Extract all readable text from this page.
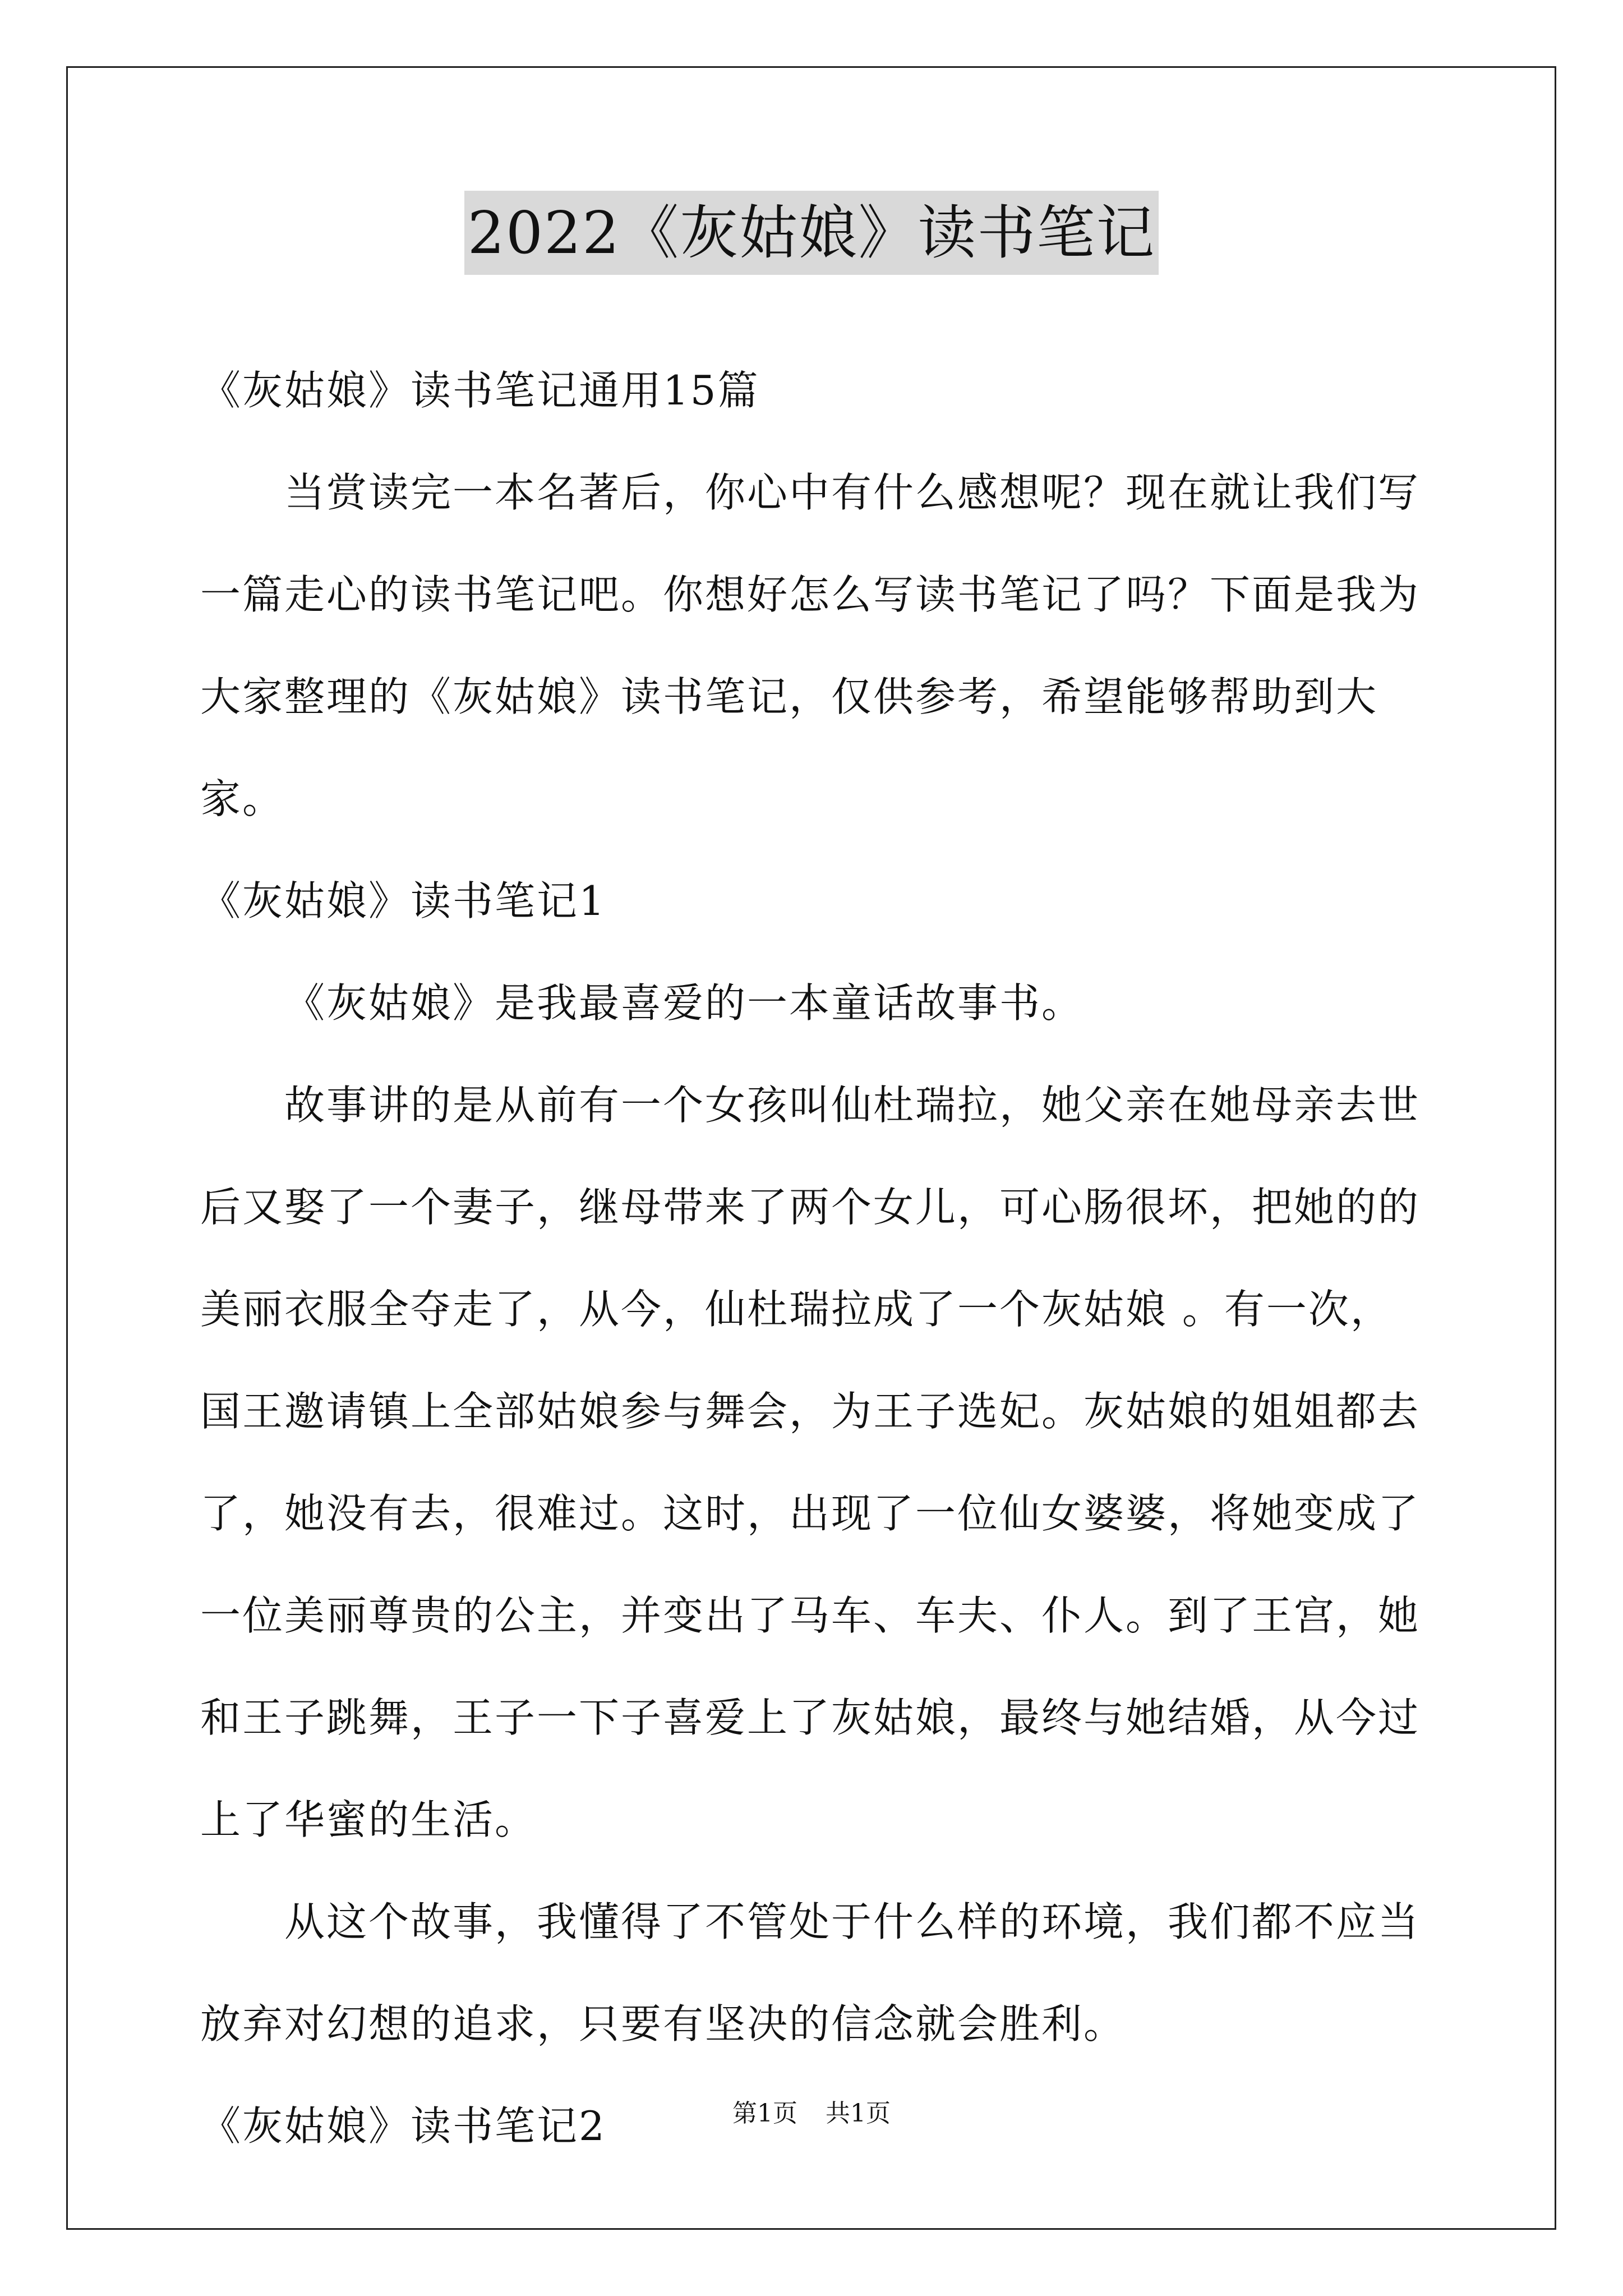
2022《灰姑娘》读书笔记

《灰姑娘》读书笔记通用15篇

当赏读完一本名著后，你心中有什么感想呢？现在就让我们写一篇走心的读书笔记吧。你想好怎么写读书笔记了吗？下面是我为大家整理的《灰姑娘》读书笔记，仅供参考，希望能够帮助到大家。

《灰姑娘》读书笔记1

《灰姑娘》是我最喜爱的一本童话故事书。

故事讲的是从前有一个女孩叫仙杜瑞拉，她父亲在她母亲去世后又娶了一个妻子，继母带来了两个女儿，可心肠很坏，把她的的美丽衣服全夺走了，从今，仙杜瑞拉成了一个灰姑娘 。有一次，国王邀请镇上全部姑娘参与舞会，为王子选妃。灰姑娘的姐姐都去了，她没有去，很难过。这时，出现了一位仙女婆婆，将她变成了一位美丽尊贵的公主，并变出了马车、车夫、仆人。到了王宫，她和王子跳舞，王子一下子喜爱上了灰姑娘，最终与她结婚，从今过上了华蜜的生活。

从这个故事，我懂得了不管处于什么样的环境，我们都不应当放弃对幻想的追求，只要有坚决的信念就会胜利。

《灰姑娘》读书笔记2	第1页 共1页
